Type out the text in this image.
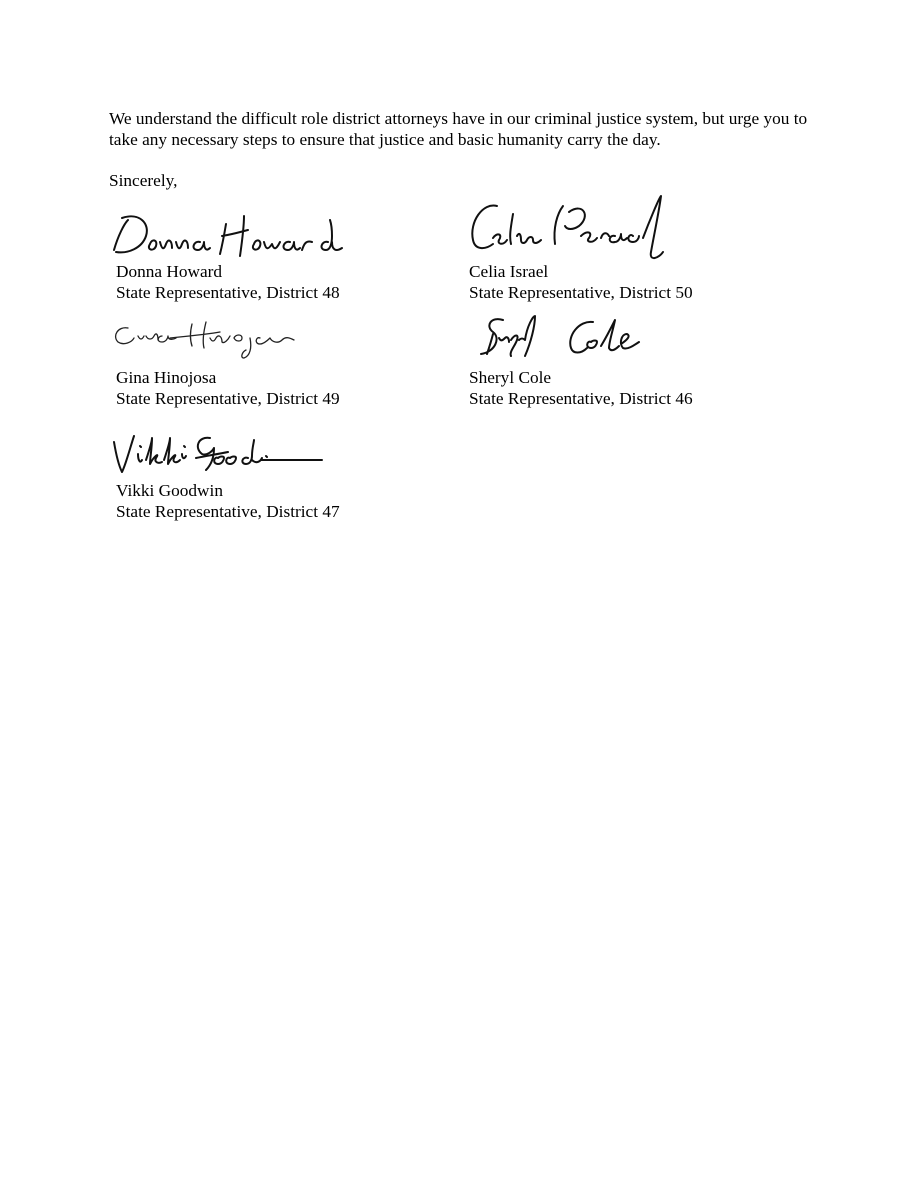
We understand the difficult role district attorneys have in our criminal justice system, but urge you to take any necessary steps to ensure that justice and basic humanity carry the day.

Sincerely,

Donna Howard
State Representative, District 48
Celia Israel
State Representative, District 50
Gina Hinojosa
State Representative, District 49
Sheryl Cole
State Representative, District 46
Vikki Goodwin
State Representative, District 47
